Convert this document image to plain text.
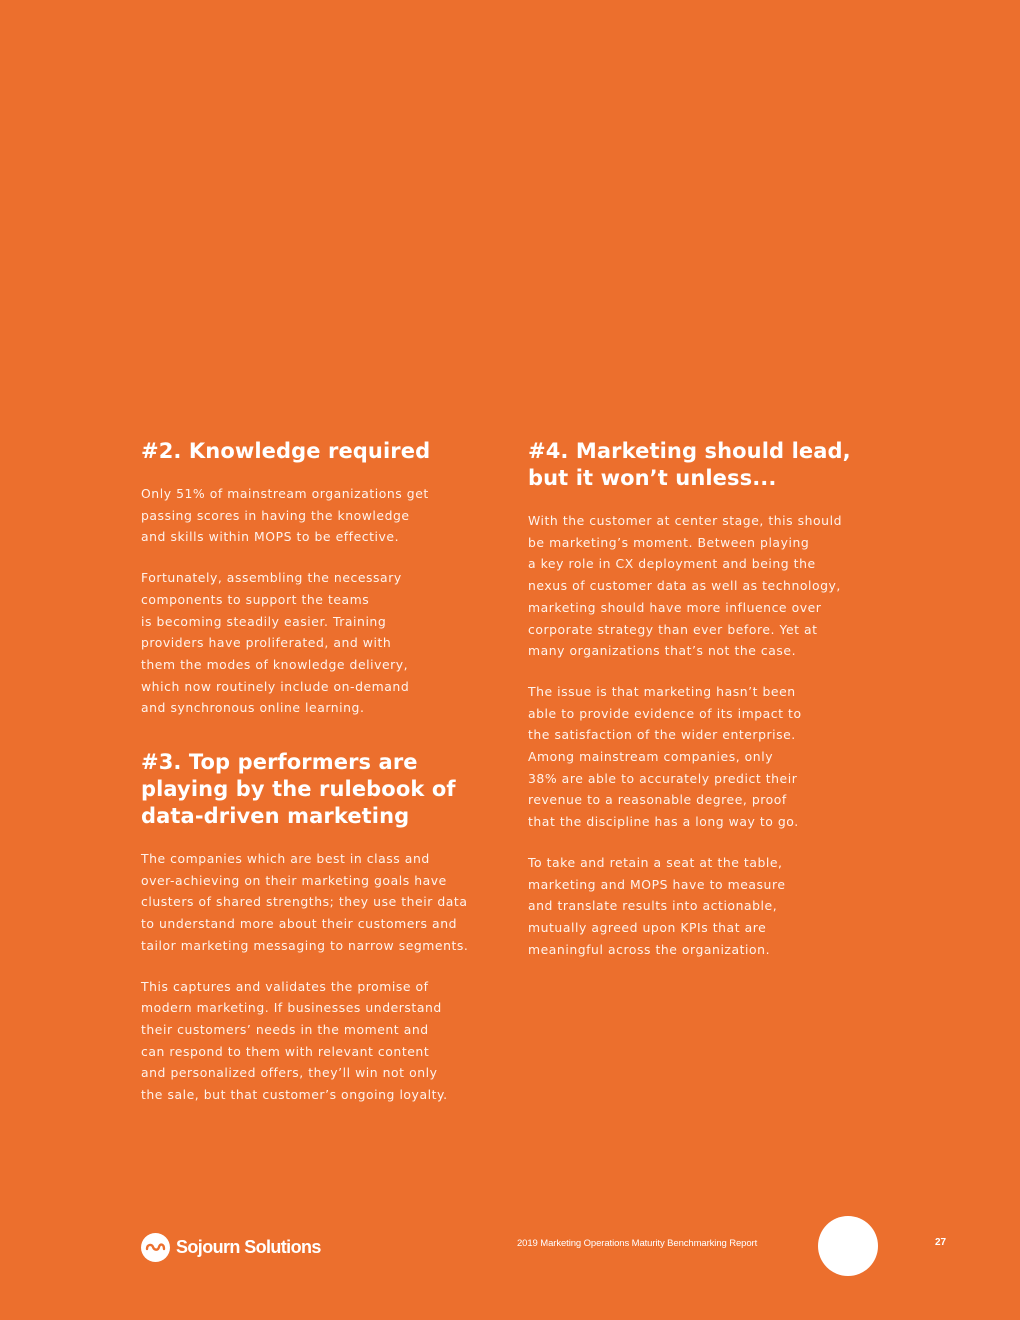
#2. Knowledge required

Only 51% of mainstream organizations get
passing scores in having the knowledge
and skills within MOPS to be effective.

Fortunately, assembling the necessary
components to support the teams
is becoming steadily easier. Training
providers have proliferated, and with
them the modes of knowledge delivery,
which now routinely include on-demand
and synchronous online learning.

#3. Top performers are
playing by the rulebook of
data-driven marketing

The companies which are best in class and
over-achieving on their marketing goals have
clusters of shared strengths; they use their data
to understand more about their customers and
tailor marketing messaging to narrow segments.

This captures and validates the promise of
modern marketing. If businesses understand
their customers’ needs in the moment and
can respond to them with relevant content
and personalized offers, they’ll win not only
the sale, but that customer’s ongoing loyalty.

#4. Marketing should lead,
but it won’t unless...

With the customer at center stage, this should
be marketing’s moment. Between playing
a key role in CX deployment and being the
nexus of customer data as well as technology,
marketing should have more influence over
corporate strategy than ever before. Yet at
many organizations that’s not the case.

The issue is that marketing hasn’t been
able to provide evidence of its impact to
the satisfaction of the wider enterprise.
Among mainstream companies, only
38% are able to accurately predict their
revenue to a reasonable degree, proof
that the discipline has a long way to go.

To take and retain a seat at the table,
marketing and MOPS have to measure
and translate results into actionable,
mutually agreed upon KPIs that are
meaningful across the organization.

Sojourn Solutions	2019 Marketing Operations Maturity Benchmarking Report	27
